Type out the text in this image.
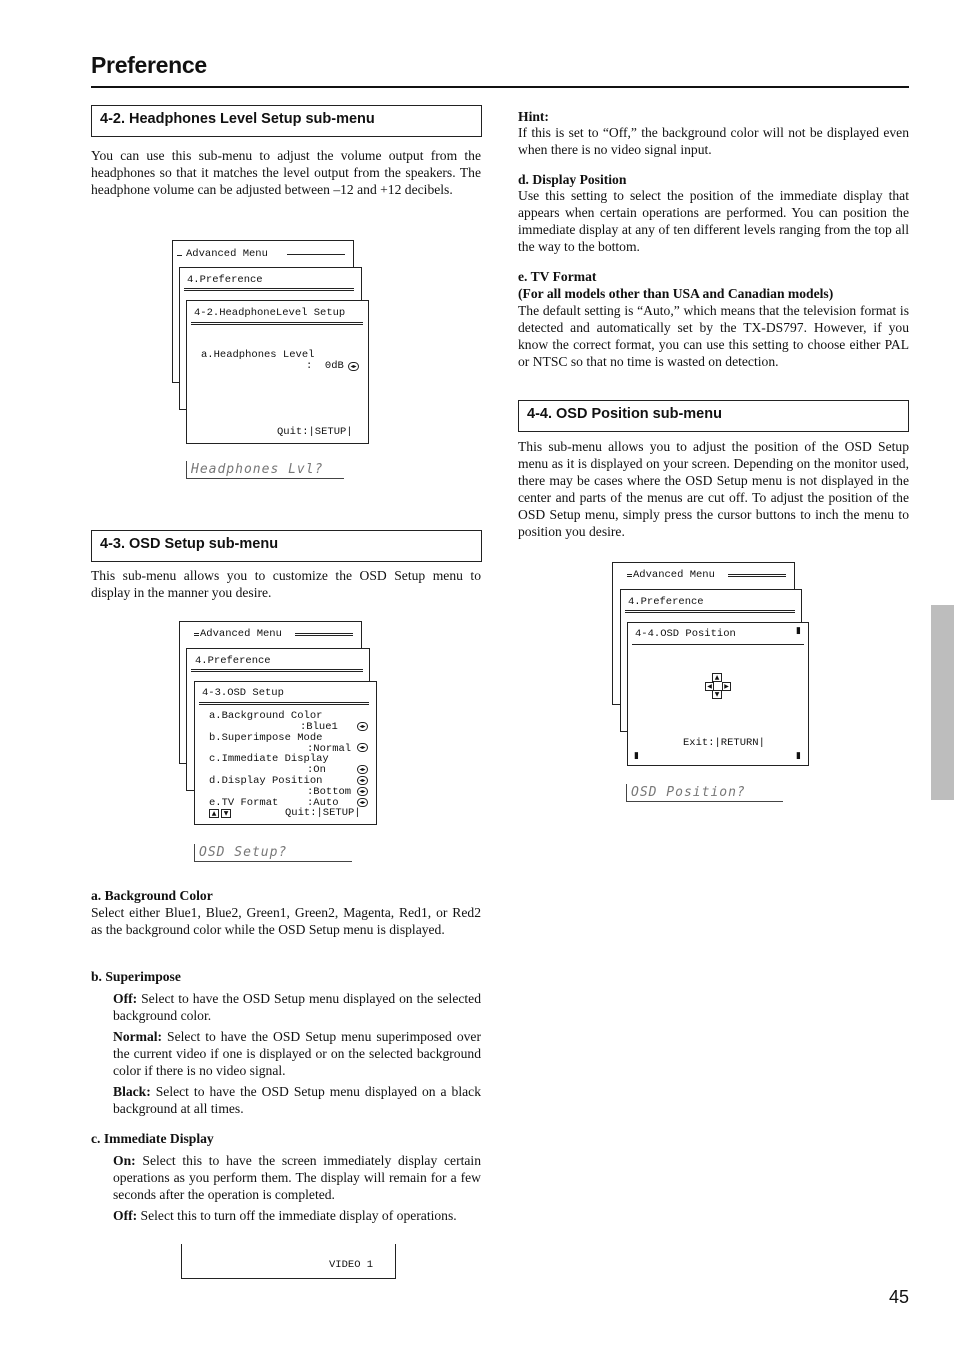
Preference
4-2. Headphones Level Setup sub-menu

You can use this sub-menu to adjust the volume output from the headphones so that it matches the level output from the speakers. The headphone volume can be adjusted between –12 and +12 decibels.

Advanced Menu
4.Preference
4-2.HeadphoneLevel Setup
a.Headphones Level
:  0dB	◂▸
Quit:|SETUP|
Headphones Lvl?
4-3. OSD Setup sub-menu

This sub-menu allows you to customize the OSD Setup menu to display in the manner you desire.

Advanced Menu
4.Preference
4-3.OSD Setup
a.Background Color
:Blue1	◂▸
b.Superimpose Mode
:Normal	◂▸
c.Immediate Display
:On	◂▸
d.Display Position	◂▸
:Bottom	◂▸
e.TV Format	:Auto	◂▸
▲	▼	Quit:|SETUP|
OSD Setup?
a. Background Color

Select either Blue1, Blue2, Green1, Green2, Magenta, Red1, or Red2 as the background color while the OSD Setup menu is displayed.

b. Superimpose

Off: Select to have the OSD Setup menu displayed on the selected background color.

Normal: Select to have the OSD Setup menu superimposed over the current video if one is displayed or on the selected background color if there is no video signal.

Black: Select to have the OSD Setup menu displayed on a black background at all times.

c. Immediate Display

On: Select this to have the screen immediately display certain operations as you perform them. The display will remain for a few seconds after the operation is completed.

Off: Select this to turn off the immediate display of operations.

VIDEO 1
Hint:

If this is set to “Off,” the background color will not be displayed even when there is no video signal input.

d. Display Position

Use this setting to select the position of the immediate display that appears when certain operations are performed. You can position the immediate display at any of ten different levels ranging from the top all the way to the bottom.

e. TV Format
(For all models other than USA and Canadian models)

The default setting is “Auto,” which means that the television format is detected and automatically set by the TX-DS797. However, if you know the correct format, you can use this setting to choose either PAL or NTSC so that no time is wasted on detection.

4-4. OSD Position sub-menu

This sub-menu allows you to adjust the position of the OSD Setup menu as it is displayed on your screen. Depending on the monitor used, there may be cases where the OSD Setup menu is not displayed in the center and parts of the menus are cut off. To adjust the position of the OSD Setup menu, simply press the cursor buttons to inch the menu to position you desire.

Advanced Menu
4.Preference
4-4.OSD Position	▮
▲
◀	▶
▼
Exit:|RETURN|
▮	▮
OSD Position?
45
